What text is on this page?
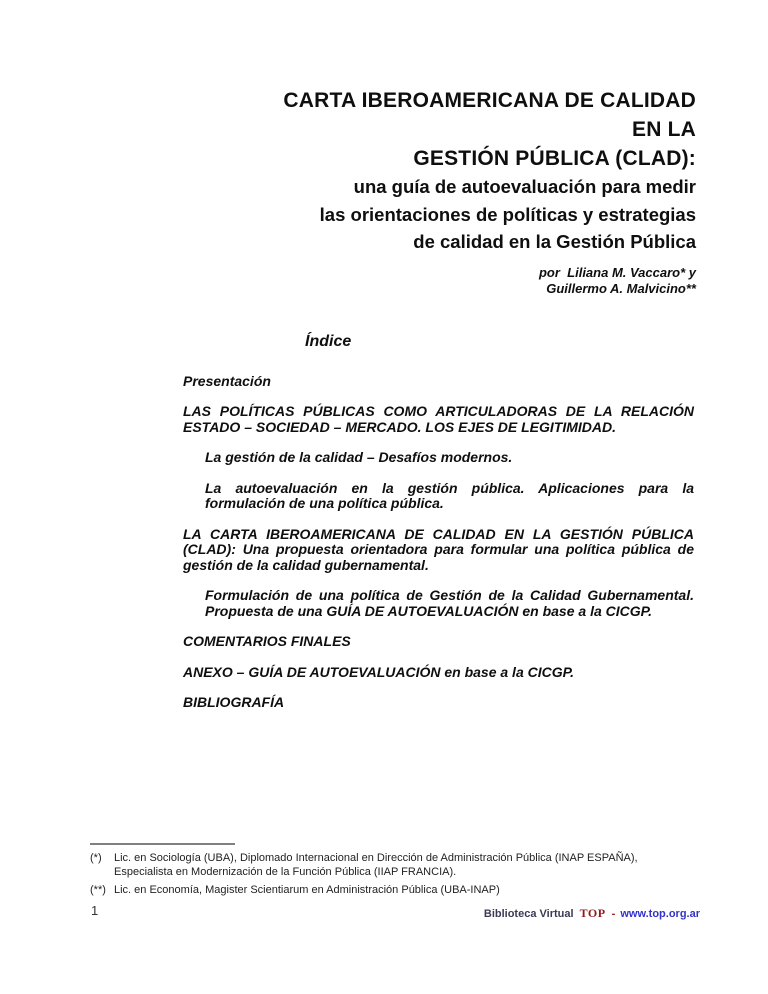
CARTA IBEROAMERICANA DE CALIDAD
EN LA
GESTIÓN PÚBLICA (CLAD):
una guía de autoevaluación para medir
las orientaciones de políticas y estrategias
de calidad en la Gestión Pública
por  Liliana M. Vaccaro* y
Guillermo A. Malvicino**
Índice

Presentación

LAS POLÍTICAS PÚBLICAS COMO ARTICULADORAS DE LA RELACIÓN ESTADO – SOCIEDAD – MERCADO. LOS EJES DE LEGITIMIDAD.

La gestión de la calidad – Desafíos modernos.

La autoevaluación en la gestión pública. Aplicaciones para la formulación de una política pública.

LA CARTA IBEROAMERICANA DE CALIDAD EN LA GESTIÓN PÚBLICA (CLAD): Una propuesta orientadora para formular una política pública de gestión de la calidad gubernamental.

Formulación de una política de Gestión de la Calidad Gubernamental. Propuesta de una GUÍA DE AUTOEVALUACIÓN en base a la CICGP.

COMENTARIOS FINALES

ANEXO – GUÍA DE AUTOEVALUACIÓN en base a la CICGP.

BIBLIOGRAFÍA

(*) Lic. en Sociología (UBA), Diplomado Internacional en Dirección de Administración Pública (INAP ESPAÑA), Especialista en Modernización de la Función Pública (IIAP FRANCIA).
(**) Lic. en Economía, Magister Scientiarum en Administración Pública (UBA-INAP)
1	Biblioteca Virtual TOP - www.top.org.ar
